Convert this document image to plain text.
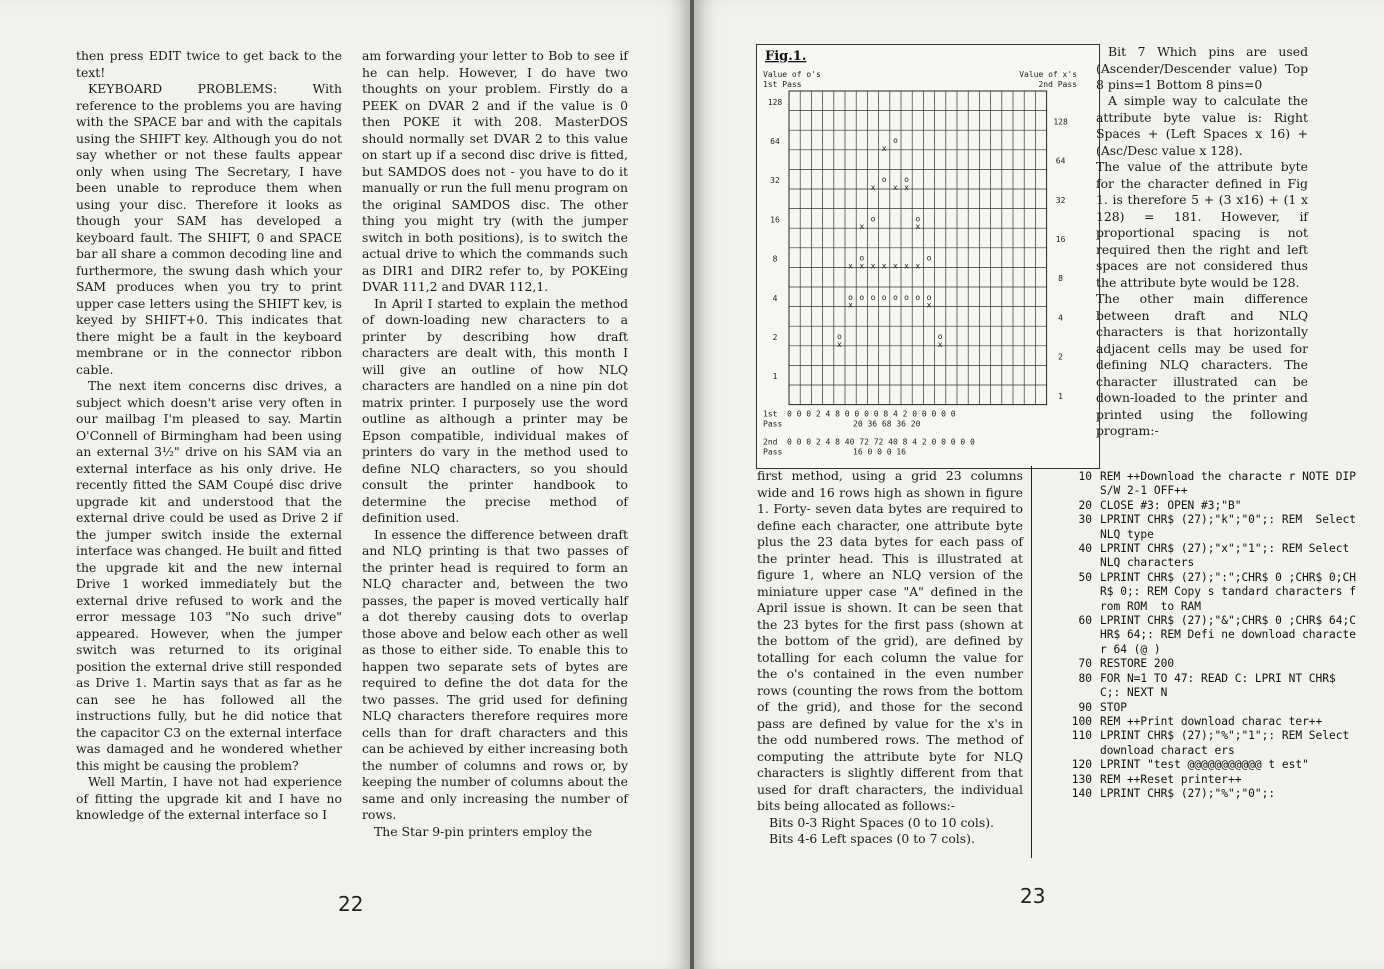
then press EDIT twice to get back to the text!

KEYBOARD PROBLEMS: With reference to the problems you are having with the SPACE bar and with the capitals using the SHIFT key. Although you do not say whether or not these faults appear only when using The Secretary, I have been unable to reproduce them when using your disc. Therefore it looks as though your SAM has developed a keyboard fault. The SHIFT, 0 and SPACE bar all share a common decoding line and furthermore, the swung dash which your SAM produces when you try to print upper case letters using the SHIFT kev, is keyed by SHIFT+0. This indicates that there might be a fault in the keyboard membrane or in the connector ribbon cable.

The next item concerns disc drives, a subject which doesn't arise very often in our mailbag I'm pleased to say. Martin O'Connell of Birmingham had been using an external 3½" drive on his SAM via an external interface as his only drive. He recently fitted the SAM Coupé disc drive upgrade kit and understood that the external drive could be used as Drive 2 if the jumper switch inside the external interface was changed. He built and fitted the upgrade kit and the new internal Drive 1 worked immediately but the external drive refused to work and the error message 103 "No such drive" appeared. However, when the jumper switch was returned to its original position the external drive still responded as Drive 1. Martin says that as far as he can see he has followed all the instructions fully, but he did notice that the capacitor C3 on the external interface was damaged and he wondered whether this might be causing the problem?

Well Martin, I have not had experience of fitting the upgrade kit and I have no knowledge of the external interface so I

am forwarding your letter to Bob to see if he can help. However, I do have two thoughts on your problem. Firstly do a PEEK on DVAR 2 and if the value is 0 then POKE it with 208. MasterDOS should normally set DVAR 2 to this value on start up if a second disc drive is fitted, but SAMDOS does not - you have to do it manually or run the full menu program on the original SAMDOS disc. The other thing you might try (with the jumper switch in both positions), is to switch the actual drive to which the commands such as DIR1 and DIR2 refer to, by POKEing DVAR 111,2 and DVAR 112,1.

In April I started to explain the method of down-loading new characters to a printer by describing how draft characters are dealt with, this month I will give an outline of how NLQ characters are handled on a nine pin dot matrix printer. I purposely use the word outline as although a printer may be Epson compatible, individual makes of printers do vary in the method used to define NLQ characters, so you should consult the printer handbook to determine the precise method of definition used.

In essence the difference between draft and NLQ printing is that two passes of the printer head is required to form an NLQ character and, between the two passes, the paper is moved vertically half a dot thereby causing dots to overlap those above and below each other as well as those to either side. To enable this to happen two separate sets of bytes are required to define the dot data for the two passes. The grid used for defining NLQ characters therefore requires more cells than for draft characters and this can be achieved by either increasing both the number of columns and rows or, by keeping the number of columns about the same and only increasing the number of rows.

The Star 9-pin printers employ the

22
Fig.1.
Value of o's
1st Pass
Value of x's
2nd Pass
128
64
32
16
8
4
2
1
128
64
32
16
8
4
2
1
o
o o
o	o
o	o
o o o o o o o o
o	o
x
x
x	x
x	x
x x x x x x x
x	x
x	x
1st
Pass
0 0 0 2 4 8 0 0 0 0 8 4 2 0 0 0 0 0
20 36 68 36 20
2nd
Pass
0 0 0 2 4 8 40 72 72 40 8 4 2 0 0 0 0 0
16 0 0 0 16

Bit 7 Which pins are used (Ascender/Descender value) Top 8 pins=1 Bottom 8 pins=0

A simple way to calculate the attribute byte value is: Right Spaces + (Left Spaces x 16) + (Asc/Desc value x 128).

The value of the attribute byte for the character defined in Fig 1. is therefore 5 + (3 x16) + (1 x 128) = 181. However, if proportional spacing is not required then the right and left spaces are not considered thus the attribute byte would be 128.

The other main difference between draft and NLQ characters is that horizontally adjacent cells may be used for defining NLQ characters. The character illustrated can be down-loaded to the printer and printed using the following program:-

first method, using a grid 23 columns wide and 16 rows high as shown in figure 1. Forty- seven data bytes are required to define each character, one attribute byte plus the 23 data bytes for each pass of the printer head. This is illustrated at figure 1, where an NLQ version of the miniature upper case "A" defined in the April issue is shown. It can be seen that the 23 bytes for the first pass (shown at the bottom of the grid), are defined by totalling for each column the value for the o's contained in the even number rows (counting the rows from the bottom of the grid), and those for the second pass are defined by value for the x's in the odd numbered rows. The method of computing the attribute byte for NLQ characters is slightly different from that used for draft characters, the individual bits being allocated as follows:-

Bits 0-3 Right Spaces (0 to 10 cols).

Bits 4-6 Left spaces (0 to 7 cols).

10 REM ++Download the characte r NOTE DIP S/W 2-1 OFF++
20 CLOSE #3: OPEN #3;"B"
30 LPRINT CHR$ (27);"k";"0";: REM  Select NLQ type
40 LPRINT CHR$ (27);"x";"1";: REM Select NLQ characters
50 LPRINT CHR$ (27);":";CHR$ 0 ;CHR$ 0;CHR$ 0;: REM Copy s tandard characters from ROM  to RAM
60 LPRINT CHR$ (27);"&";CHR$ 0 ;CHR$ 64;CHR$ 64;: REM Defi ne download character 64 (@ )
70 RESTORE 200
80 FOR N=1 TO 47: READ C: LPRI NT CHR$ C;: NEXT N
90 STOP
100 REM ++Print download charac ter++
110 LPRINT CHR$ (27);"%";"1";: REM Select download charact ers
120 LPRINT "test @@@@@@@@@@@ t est"
130 REM ++Reset printer++
140 LPRINT CHR$ (27);"%";"0";:
23
